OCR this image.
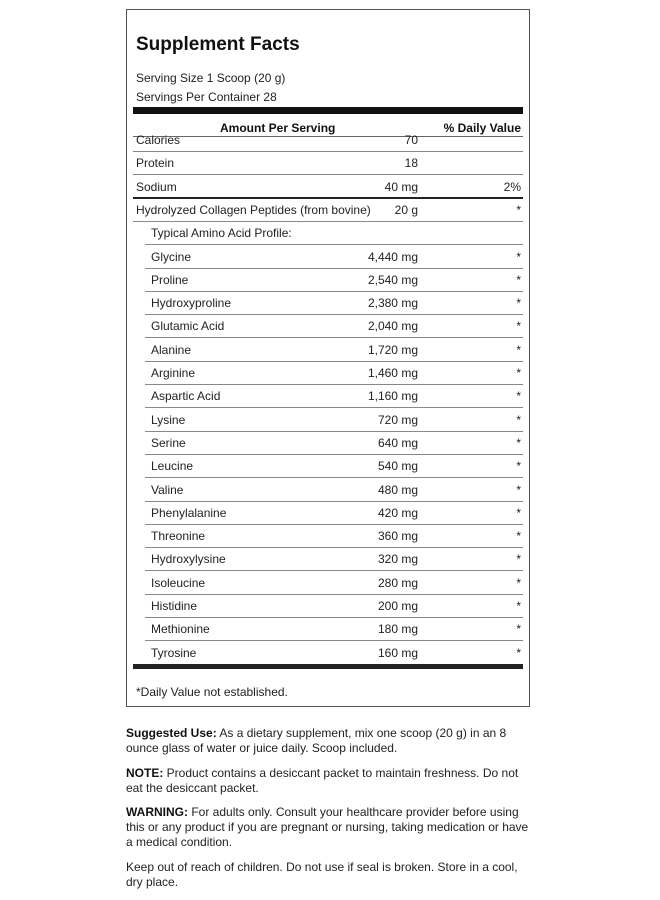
Supplement Facts
Serving Size 1 Scoop (20 g)
Servings Per Container 28
Amount Per Serving	% Daily Value
Calories	70
Protein	18
Sodium	40 mg	2%
Hydrolyzed Collagen Peptides (from bovine) 20 g	*
Typical Amino Acid Profile:
Glycine	4,440 mg	*
Proline	2,540 mg	*
Hydroxyproline	2,380 mg	*
Glutamic Acid	2,040 mg	*
Alanine	1,720 mg	*
Arginine	1,460 mg	*
Aspartic Acid	1,160 mg	*
Lysine	720 mg	*
Serine	640 mg	*
Leucine	540 mg	*
Valine	480 mg	*
Phenylalanine	420 mg	*
Threonine	360 mg	*
Hydroxylysine	320 mg	*
Isoleucine	280 mg	*
Histidine	200 mg	*
Methionine	180 mg	*
Tyrosine	160 mg	*
*Daily Value not established.
Suggested Use: As a dietary supplement, mix one scoop (20 g) in an 8 ounce glass of water or juice daily. Scoop included.
NOTE: Product contains a desiccant packet to maintain freshness. Do not eat the desiccant packet.
WARNING: For adults only. Consult your healthcare provider before using this or any product if you are pregnant or nursing, taking medication or have a medical condition.
Keep out of reach of children. Do not use if seal is broken. Store in a cool, dry place.
